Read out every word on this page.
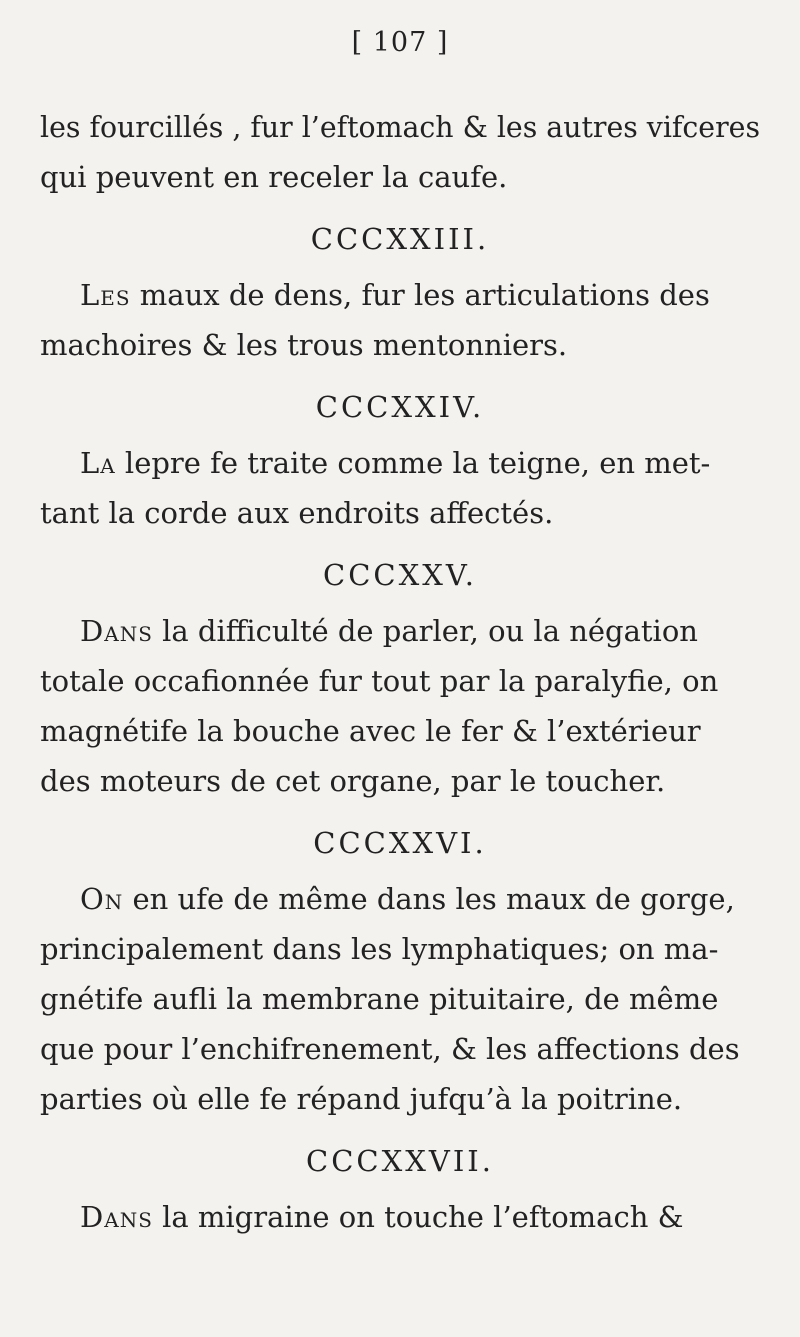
[ 107 ]
les fourcillés , fur l’eftomach & les autres vifceres
qui peuvent en receler la caufe.
CCCXXIII.
Les maux de dens, fur les articulations des
machoires & les trous mentonniers.
CCCXXIV.
La lepre fe traite comme la teigne, en met-
tant la corde aux endroits affectés.
CCCXXV.
Dans la difficulté de parler, ou la négation
totale occafionnée fur tout par la paralyfie, on
magnétife la bouche avec le fer & l’extérieur
des moteurs de cet organe, par le toucher.
CCCXXVI.
On en ufe de même dans les maux de gorge,
principalement dans les lymphatiques; on ma-
gnétife aufli la membrane pituitaire, de même
que pour l’enchifrenement, & les affections des
parties où elle fe répand jufqu’à la poitrine.
CCCXXVII.
Dans la migraine on touche l’eftomach &
